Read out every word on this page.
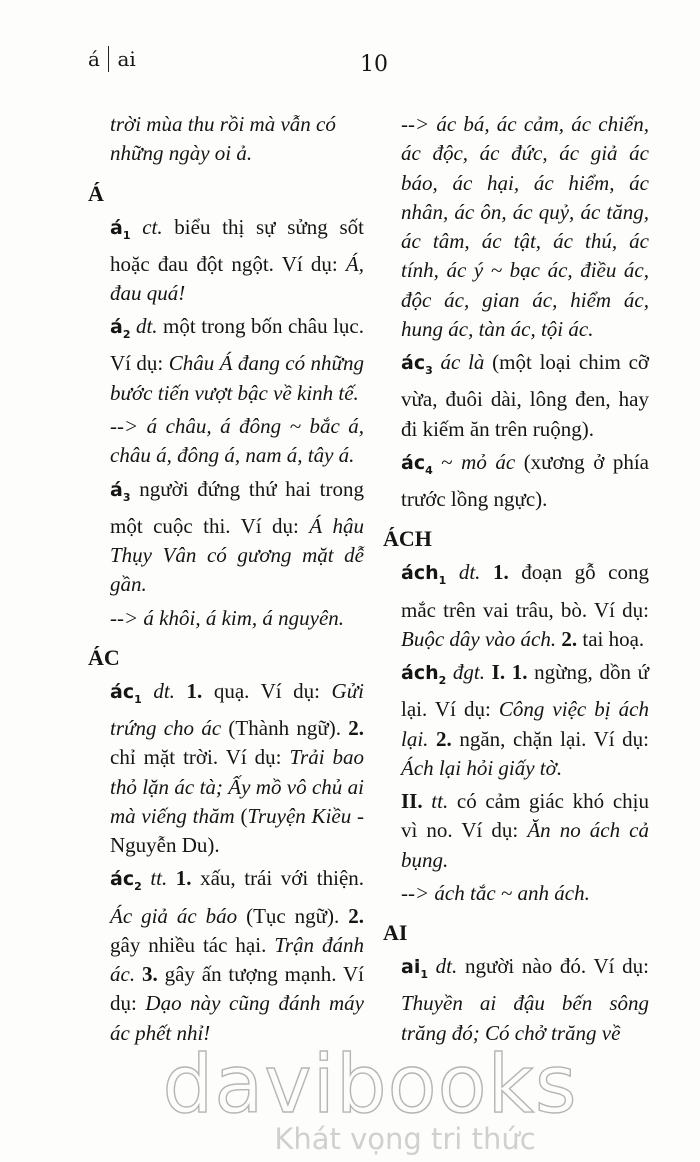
á ai	10

trời mùa thu rồi mà vẫn có những ngày oi ả.

Á

$á_1$ ct. biểu thị sự sửng sốt hoặc đau đột ngột. Ví dụ: Á, đau quá!

$á_2$ dt. một trong bốn châu lục. Ví dụ: Châu Á đang có những bước tiến vượt bậc về kinh tế.

--> á châu, á đông ~ bắc á, châu á, đông á, nam á, tây á.

$á_3$ người đứng thứ hai trong một cuộc thi. Ví dụ: Á hậu Thụy Vân có gương mặt dễ gần.

--> á khôi, á kim, á nguyên.

ÁC

$ác_1$ dt. 1. quạ. Ví dụ: Gửi trứng cho ác (Thành ngữ). 2. chỉ mặt trời. Ví dụ: Trải bao thỏ lặn ác tà; Ấy mồ vô chủ ai mà viếng thăm (Truyện Kiều - Nguyễn Du).

$ác_2$ tt. 1. xấu, trái với thiện. Ác giả ác báo (Tục ngữ). 2. gây nhiều tác hại. Trận đánh ác. 3. gây ấn tượng mạnh. Ví dụ: Dạo này cũng đánh máy ác phết nhỉ!

--> ác bá, ác cảm, ác chiến, ác độc, ác đức, ác giả ác báo, ác hại, ác hiểm, ác nhân, ác ôn, ác quỷ, ác tăng, ác tâm, ác tật, ác thú, ác tính, ác ý ~ bạc ác, điều ác, độc ác, gian ác, hiểm ác, hung ác, tàn ác, tội ác.

$ác_3$ ác là (một loại chim cỡ vừa, đuôi dài, lông đen, hay đi kiếm ăn trên ruộng).

$ác_4$ ~ mỏ ác (xương ở phía trước lồng ngực).

ÁCH

ách$_1$ dt. 1. đoạn gỗ cong mắc trên vai trâu, bò. Ví dụ: Buộc dây vào ách. 2. tai hoạ.

ách$_2$ đgt. I. 1. ngừng, dồn ứ lại. Ví dụ: Công việc bị ách lại. 2. ngăn, chặn lại. Ví dụ: Ách lại hỏi giấy tờ.

II. tt. có cảm giác khó chịu vì no. Ví dụ: Ăn no ách cả bụng.

--> ách tắc ~ anh ách.

AI

$ai_1$ dt. người nào đó. Ví dụ: Thuyền ai đậu bến sông trăng đó; Có chở trăng về

davibooks
Khát vọng tri thức
